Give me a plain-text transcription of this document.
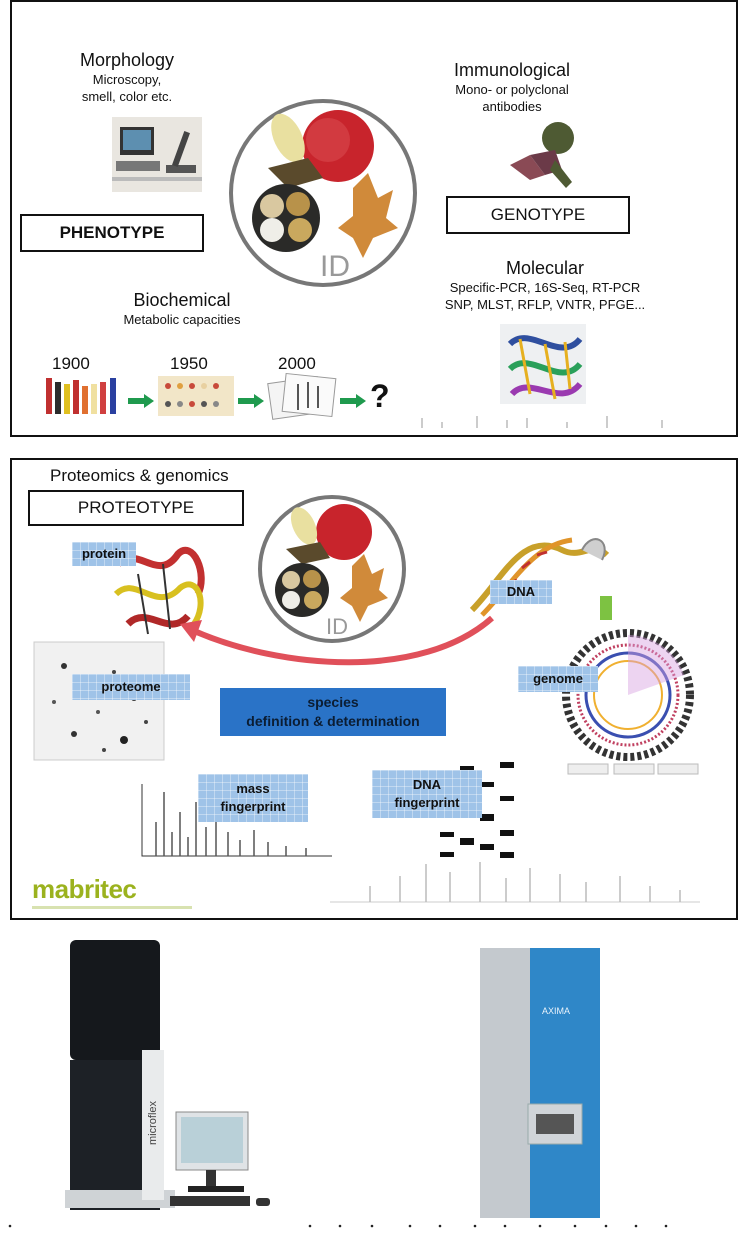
Morphology
Microscopy,
smell, color etc.
PHENOTYPE
ID
Immunological
Mono- or polyclonal
antibodies
GENOTYPE
Molecular
Specific-PCR, 16S-Seq, RT-PCR
SNP, MLST, RFLP, VNTR, PFGE...
Biochemical
Metabolic capacities
1900	1950	2000
?
Proteomics & genomics
PROTEOTYPE
ID
protein
DNA
proteome
species
definition & determination
genome
mass
fingerprint
DNA
fingerprint
mabritec
microflex
AXIMA
